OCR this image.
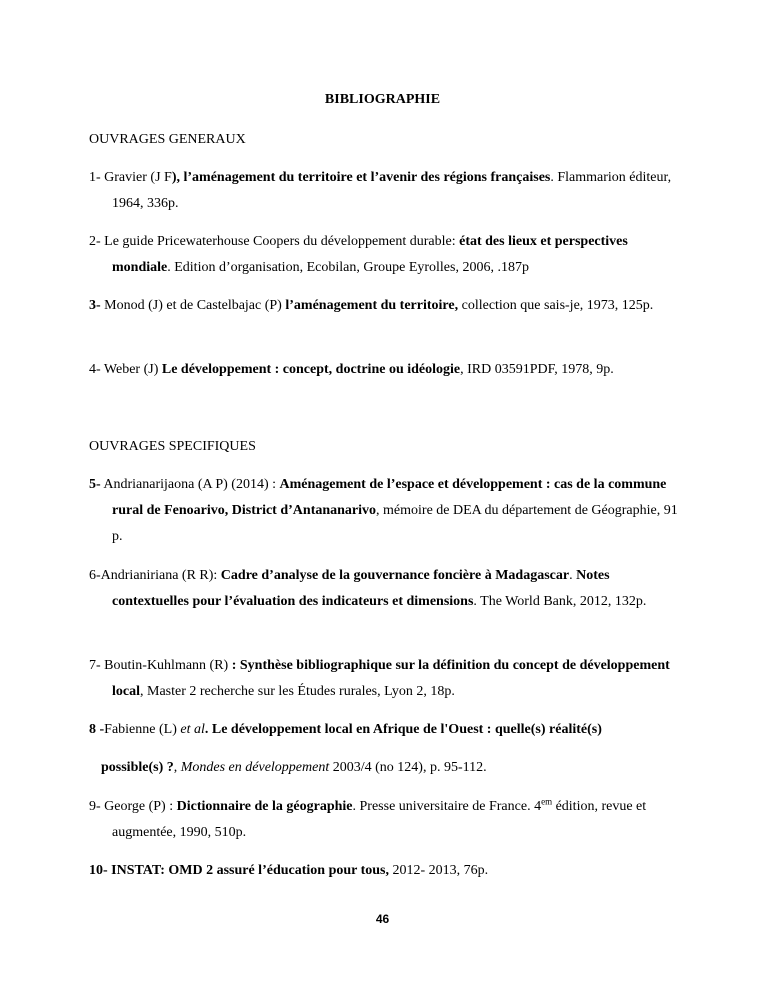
BIBLIOGRAPHIE
OUVRAGES GENERAUX
1- Gravier (J F), l’aménagement du territoire et l’avenir des régions françaises. Flammarion éditeur, 1964, 336p.
2- Le guide Pricewaterhouse Coopers du développement durable: état des lieux et perspectives mondiale. Edition d’organisation, Ecobilan, Groupe Eyrolles, 2006, .187p
3- Monod (J) et de Castelbajac (P) l’aménagement du territoire, collection que sais-je, 1973, 125p.
4- Weber (J) Le développement : concept, doctrine ou idéologie, IRD 03591PDF, 1978, 9p.
OUVRAGES SPECIFIQUES
5- Andrianarijaona (A P) (2014) : Aménagement de l’espace et développement : cas de la commune rural de Fenoarivo, District d’Antananarivo, mémoire de DEA du département de Géographie, 91 p.
6-Andrianiriana (R R): Cadre d’analyse de la gouvernance foncière à Madagascar. Notes contextuelles pour l’évaluation des indicateurs et dimensions. The World Bank, 2012, 132p.
7- Boutin-Kuhlmann (R) : Synthèse bibliographique sur la définition du concept de développement local, Master 2 recherche sur les Études rurales, Lyon 2, 18p.
8 -Fabienne (L) et al. Le développement local en Afrique de l'Ouest : quelle(s) réalité(s)
possible(s) ?, Mondes en développement 2003/4 (no 124), p. 95-112.
9- George (P) : Dictionnaire de la géographie. Presse universitaire de France. $4^{em}$ édition, revue et augmentée, 1990, 510p.
10- INSTAT: OMD 2 assuré l’éducation pour tous, 2012- 2013, 76p.
46
